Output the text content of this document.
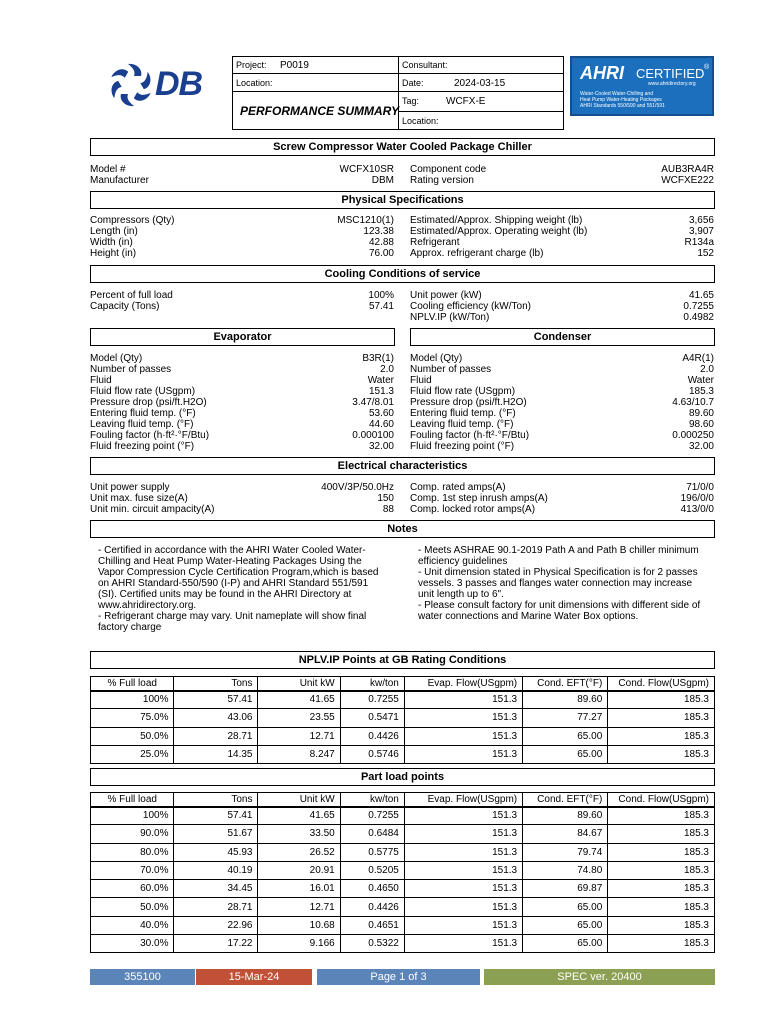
DB	Project: P0019
Location:
PERFORMANCE SUMMARY
Consultant:
Date:	2024-03-15
Tag:	WCFX-E
Location:
AHRI CERTIFIED ®
www.ahridirectory.org
Water-Cooled Water-Chilling and
Heat Pump Water-Heating Packages
AHRI Standards 550/590 and 551/591
Screw Compressor Water Cooled Package Chiller
Model #	WCFX10SR
Manufacturer	DBM
Component code	AUB3RA4R
Rating version	WCFXE222
Physical Specifications
Compressors (Qty)	MSC1210(1)
Length (in)	123.38
Width (in)	42.88
Height (in)	76.00
Estimated/Approx. Shipping weight (lb)	3,656
Estimated/Approx. Operating weight (lb)	3,907
Refrigerant	R134a
Approx. refrigerant charge (lb)	152
Cooling Conditions of service
Percent of full load	100%
Capacity (Tons)	57.41
Unit power (kW)	41.65
Cooling efficiency (kW/Ton)	0.7255
NPLV.IP (kW/Ton)	0.4982
Evaporator	Condenser
Model (Qty)	B3R(1)
Number of passes	2.0
Fluid	Water
Fluid flow rate (USgpm)	151.3
Pressure drop (psi/ft.H2O)	3.47/8.01
Entering fluid temp. (°F)	53.60
Leaving fluid temp. (°F)	44.60
Fouling factor (h·ft²·°F/Btu)	0.000100
Fluid freezing point (°F)	32.00
Model (Qty)	A4R(1)
Number of passes	2.0
Fluid	Water
Fluid flow rate (USgpm)	185.3
Pressure drop (psi/ft.H2O)	4.63/10.7
Entering fluid temp. (°F)	89.60
Leaving fluid temp. (°F)	98.60
Fouling factor (h·ft²·°F/Btu)	0.000250
Fluid freezing point (°F)	32.00
Electrical characteristics
Unit power supply	400V/3P/50.0Hz
Unit max. fuse size(A)	150
Unit min. circuit ampacity(A)	88
Comp. rated amps(A)	71/0/0
Comp. 1st step inrush amps(A)	196/0/0
Comp. locked rotor amps(A)	413/0/0
Notes
- Certified in accordance with the AHRI Water Cooled Water-
Chilling and Heat Pump Water-Heating Packages Using the
Vapor Compression Cycle Certification Program,which is based
on AHRI Standard-550/590 (I-P) and AHRI Standard 551/591
(SI). Certified units may be found in the AHRI Directory at
www.ahridirectory.org.
- Refrigerant charge may vary. Unit nameplate will show final
factory charge
- Meets ASHRAE 90.1-2019 Path A and Path B chiller minimum
efficiency guidelines
- Unit dimension stated in Physical Specification is for 2 passes
vessels. 3 passes and flanges water connection may increase
unit length up to 6".
- Please consult factory for unit dimensions with different side of
water connections and Marine Water Box options.
NPLV.IP Points at GB Rating Conditions
% Full load	Tons	Unit kW	kw/ton	Evap. Flow(USgpm)	Cond. EFT(°F)	Cond. Flow(USgpm)
100%	57.41	41.65	0.7255	151.3	89.60	185.3
75.0%	43.06	23.55	0.5471	151.3	77.27	185.3
50.0%	28.71	12.71	0.4426	151.3	65.00	185.3
25.0%	14.35	8.247	0.5746	151.3	65.00	185.3
Part load points
% Full load	Tons	Unit kW	kw/ton	Evap. Flow(USgpm)	Cond. EFT(°F)	Cond. Flow(USgpm)
100%	57.41	41.65	0.7255	151.3	89.60	185.3
90.0%	51.67	33.50	0.6484	151.3	84.67	185.3
80.0%	45.93	26.52	0.5775	151.3	79.74	185.3
70.0%	40.19	20.91	0.5205	151.3	74.80	185.3
60.0%	34.45	16.01	0.4650	151.3	69.87	185.3
50.0%	28.71	12.71	0.4426	151.3	65.00	185.3
40.0%	22.96	10.68	0.4651	151.3	65.00	185.3
30.0%	17.22	9.166	0.5322	151.3	65.00	185.3
355100	15-Mar-24	Page 1 of 3	SPEC ver. 20400
